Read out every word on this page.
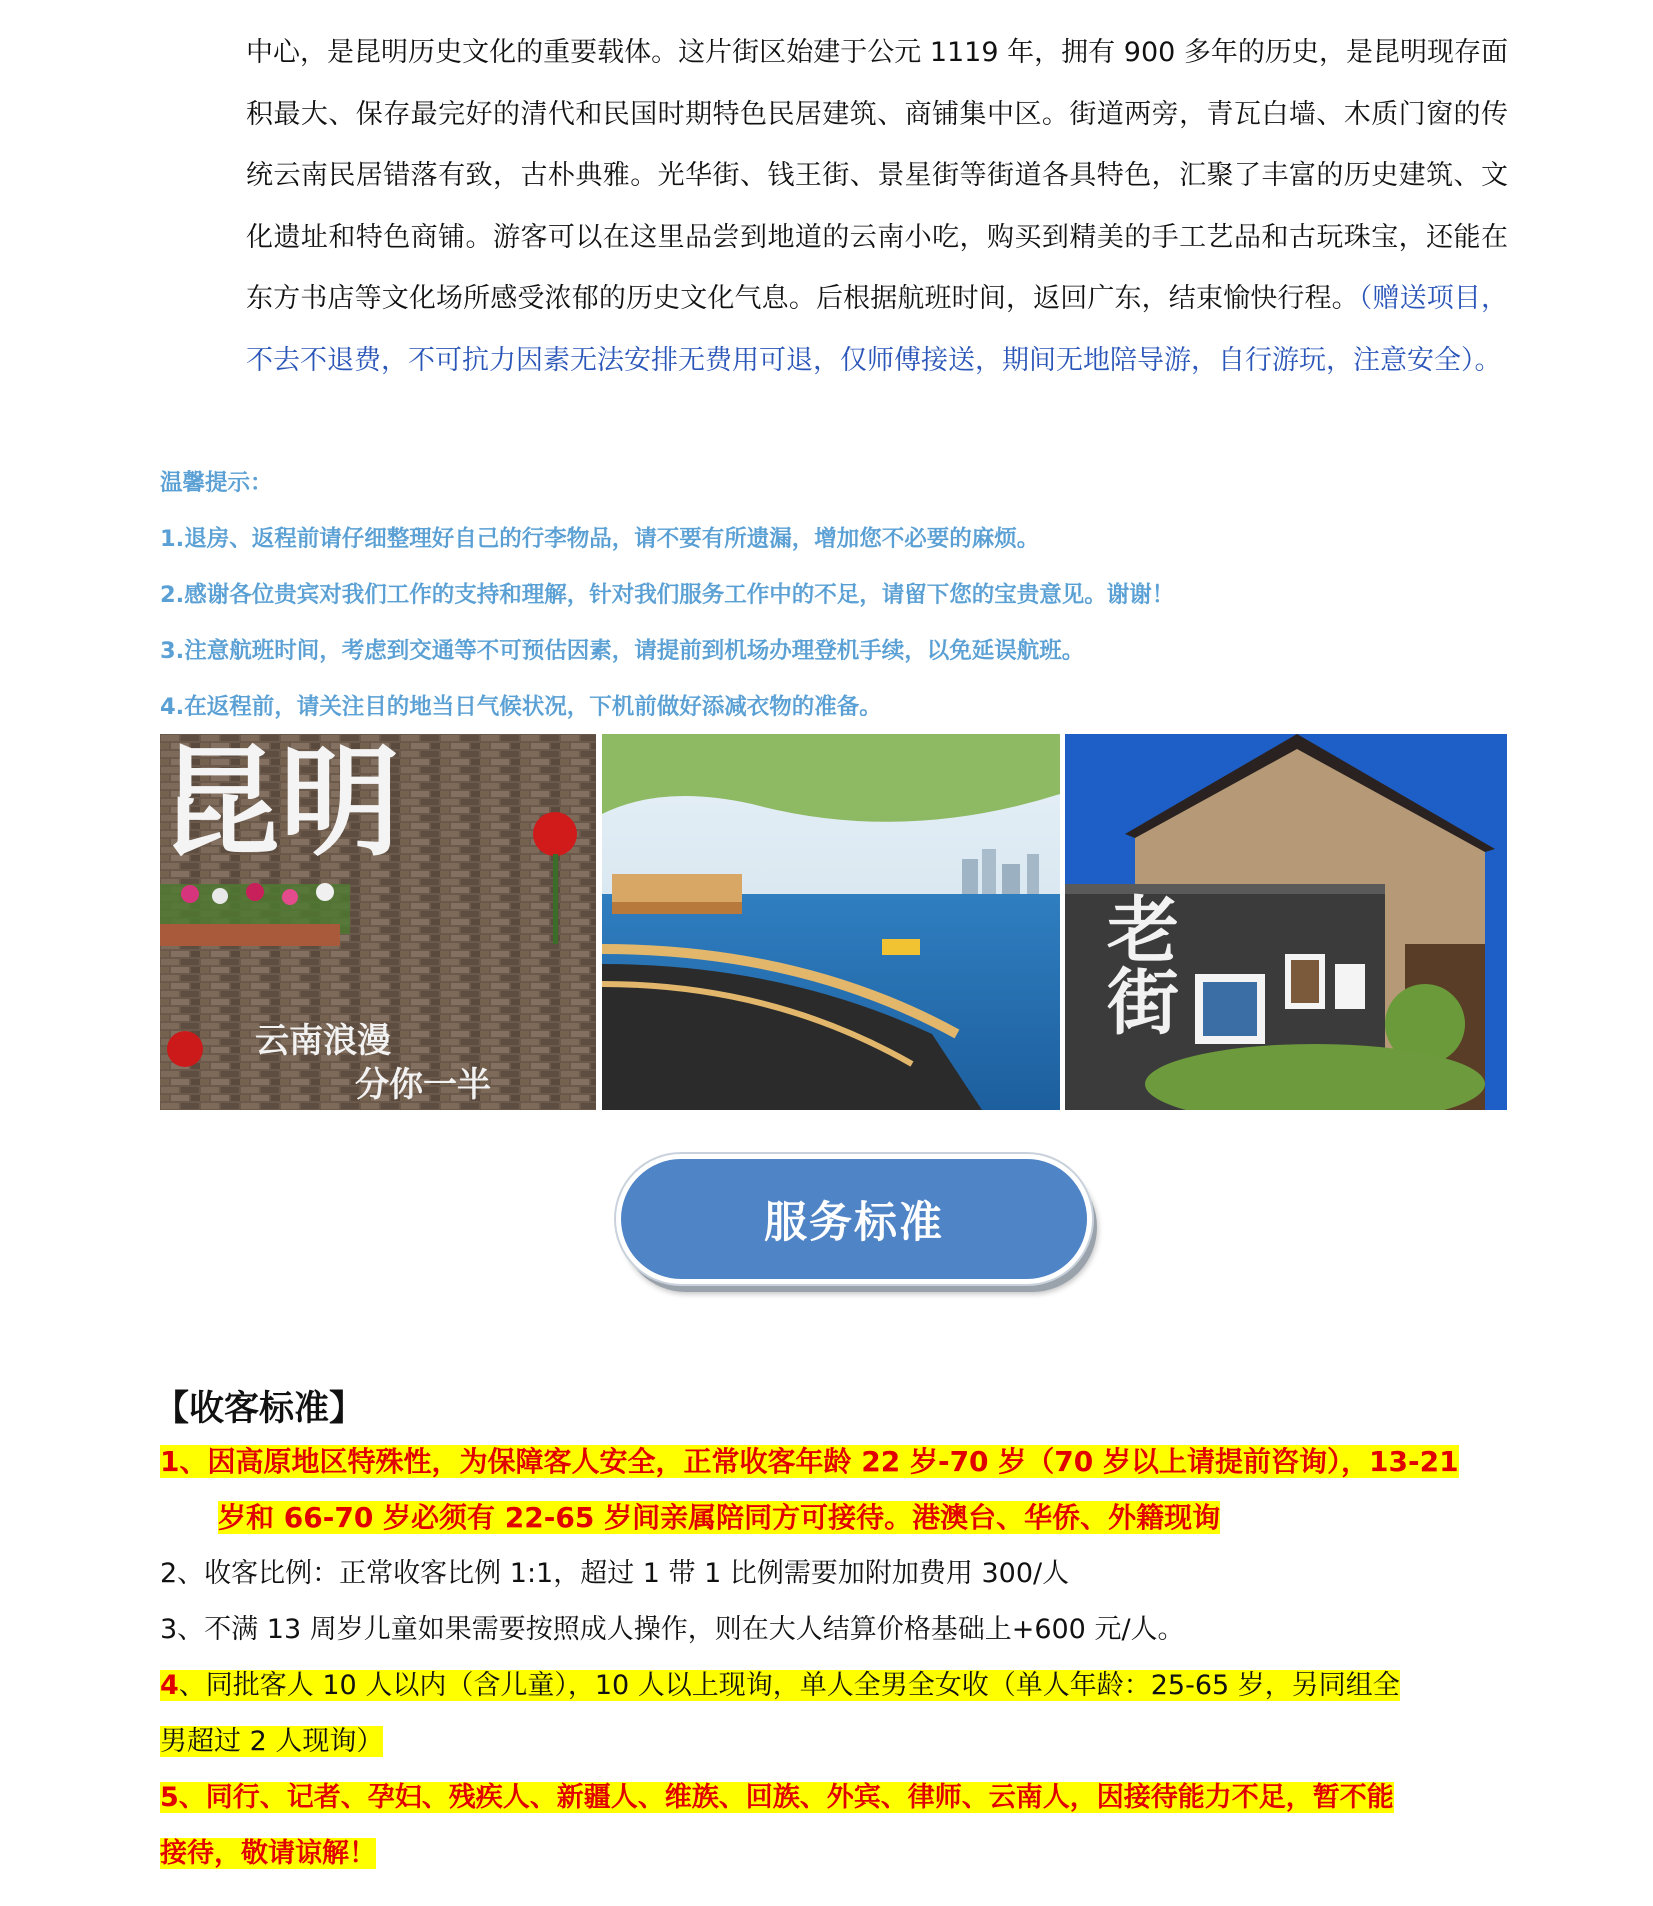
中心，是昆明历史文化的重要载体。这片街区始建于公元 1119 年，拥有 900 多年的历史，是昆明现存面积最大、保存最完好的清代和民国时期特色民居建筑、商铺集中区。街道两旁，青瓦白墙、木质门窗的传统云南民居错落有致，古朴典雅。光华街、钱王街、景星街等街道各具特色，汇聚了丰富的历史建筑、文化遗址和特色商铺。游客可以在这里品尝到地道的云南小吃，购买到精美的手工艺品和古玩珠宝，还能在东方书店等文化场所感受浓郁的历史文化气息。后根据航班时间，返回广东，结束愉快行程。（赠送项目，不去不退费，不可抗力因素无法安排无费用可退，仅师傅接送，期间无地陪导游，自行游玩，注意安全）。
温馨提示：
1.退房、返程前请仔细整理好自己的行李物品，请不要有所遗漏，增加您不必要的麻烦。
2.感谢各位贵宾对我们工作的支持和理解，针对我们服务工作中的不足，请留下您的宝贵意见。谢谢！
3.注意航班时间，考虑到交通等不可预估因素，请提前到机场办理登机手续，以免延误航班。
4.在返程前，请关注目的地当日气候状况，下机前做好添减衣物的准备。
昆明
云南浪漫
分你一半
老街
服务标准
【收客标准】
1、因高原地区特殊性，为保障客人安全，正常收客年龄 22 岁-70 岁（70 岁以上请提前咨询），13-21
岁和 66-70 岁必须有 22-65 岁间亲属陪同方可接待。港澳台、华侨、外籍现询
2、收客比例：正常收客比例 1:1，超过 1 带 1 比例需要加附加费用 300/人
3、不满 13 周岁儿童如果需要按照成人操作，则在大人结算价格基础上+600 元/人。
4、同批客人 10 人以内（含儿童），10 人以上现询，单人全男全女收（单人年龄：25-65 岁，另同组全
男超过 2 人现询）
5、同行、记者、孕妇、残疾人、新疆人、维族、回族、外宾、律师、云南人，因接待能力不足，暂不能
接待，敬请谅解！
